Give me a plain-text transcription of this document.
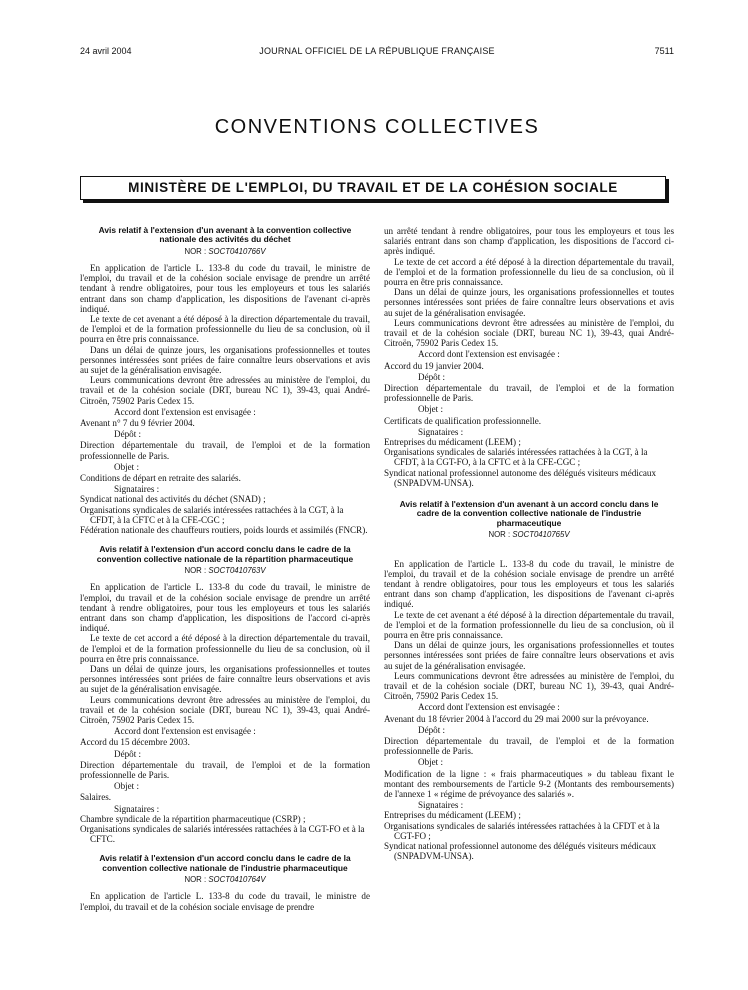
24 avril 2004	JOURNAL OFFICIEL DE LA RÉPUBLIQUE FRANÇAISE	7511
CONVENTIONS COLLECTIVES
MINISTÈRE DE L'EMPLOI, DU TRAVAIL ET DE LA COHÉSION SOCIALE
Avis relatif à l'extension d'un avenant à la convention collective nationale des activités du déchet
NOR : SOCT0410766V

En application de l'article L. 133-8 du code du travail, le ministre de l'emploi, du travail et de la cohésion sociale envisage de prendre un arrêté tendant à rendre obligatoires, pour tous les employeurs et tous les salariés entrant dans son champ d'application, les dispositions de l'avenant ci-après indiqué.

Le texte de cet avenant a été déposé à la direction départementale du travail, de l'emploi et de la formation professionnelle du lieu de sa conclusion, où il pourra en être pris connaissance.

Dans un délai de quinze jours, les organisations professionnelles et toutes personnes intéressées sont priées de faire connaître leurs observations et avis au sujet de la généralisation envisagée.

Leurs communications devront être adressées au ministère de l'emploi, du travail et de la cohésion sociale (DRT, bureau NC 1), 39-43, quai André-Citroën, 75902 Paris Cedex 15.

Accord dont l'extension est envisagée :
Avenant n° 7 du 9 février 2004.
Dépôt :
Direction départementale du travail, de l'emploi et de la formation professionnelle de Paris.
Objet :
Conditions de départ en retraite des salariés.
Signataires :

Syndicat national des activités du déchet (SNAD) ;

Organisations syndicales de salariés intéressées rattachées à la CGT, à la CFDT, à la CFTC et à la CFE-CGC ;

Fédération nationale des chauffeurs routiers, poids lourds et assimilés (FNCR).

Avis relatif à l'extension d'un accord conclu dans le cadre de la convention collective nationale de la répartition pharmaceutique
NOR : SOCT0410763V

En application de l'article L. 133-8 du code du travail, le ministre de l'emploi, du travail et de la cohésion sociale envisage de prendre un arrêté tendant à rendre obligatoires, pour tous les employeurs et tous les salariés entrant dans son champ d'application, les dispositions de l'accord ci-après indiqué.

Le texte de cet accord a été déposé à la direction départementale du travail, de l'emploi et de la formation professionnelle du lieu de sa conclusion, où il pourra en être pris connaissance.

Dans un délai de quinze jours, les organisations professionnelles et toutes personnes intéressées sont priées de faire connaître leurs observations et avis au sujet de la généralisation envisagée.

Leurs communications devront être adressées au ministère de l'emploi, du travail et de la cohésion sociale (DRT, bureau NC 1), 39-43, quai André-Citroën, 75902 Paris Cedex 15.

Accord dont l'extension est envisagée :
Accord du 15 décembre 2003.
Dépôt :
Direction départementale du travail, de l'emploi et de la formation professionnelle de Paris.
Objet :
Salaires.
Signataires :

Chambre syndicale de la répartition pharmaceutique (CSRP) ;

Organisations syndicales de salariés intéressées rattachées à la CGT-FO et à la CFTC.

Avis relatif à l'extension d'un accord conclu dans le cadre de la convention collective nationale de l'industrie pharmaceutique
NOR : SOCT0410764V

En application de l'article L. 133-8 du code du travail, le ministre de l'emploi, du travail et de la cohésion sociale envisage de prendre

un arrêté tendant à rendre obligatoires, pour tous les employeurs et tous les salariés entrant dans son champ d'application, les dispositions de l'accord ci-après indiqué.

Le texte de cet accord a été déposé à la direction départementale du travail, de l'emploi et de la formation professionnelle du lieu de sa conclusion, où il pourra en être pris connaissance.

Dans un délai de quinze jours, les organisations professionnelles et toutes personnes intéressées sont priées de faire connaître leurs observations et avis au sujet de la généralisation envisagée.

Leurs communications devront être adressées au ministère de l'emploi, du travail et de la cohésion sociale (DRT, bureau NC 1), 39-43, quai André-Citroën, 75902 Paris Cedex 15.

Accord dont l'extension est envisagée :
Accord du 19 janvier 2004.
Dépôt :
Direction départementale du travail, de l'emploi et de la formation professionnelle de Paris.
Objet :
Certificats de qualification professionnelle.
Signataires :

Entreprises du médicament (LEEM) ;

Organisations syndicales de salariés intéressées rattachées à la CGT, à la CFDT, à la CGT-FO, à la CFTC et à la CFE-CGC ;

Syndicat national professionnel autonome des délégués visiteurs médicaux (SNPADVM-UNSA).

Avis relatif à l'extension d'un avenant à un accord conclu dans le cadre de la convention collective nationale de l'industrie pharmaceutique
NOR : SOCT0410765V

En application de l'article L. 133-8 du code du travail, le ministre de l'emploi, du travail et de la cohésion sociale envisage de prendre un arrêté tendant à rendre obligatoires, pour tous les employeurs et tous les salariés entrant dans son champ d'application, les dispositions de l'avenant ci-après indiqué.

Le texte de cet avenant a été déposé à la direction départementale du travail, de l'emploi et de la formation professionnelle du lieu de sa conclusion, où il pourra en être pris connaissance.

Dans un délai de quinze jours, les organisations professionnelles et toutes personnes intéressées sont priées de faire connaître leurs observations et avis au sujet de la généralisation envisagée.

Leurs communications devront être adressées au ministère de l'emploi, du travail et de la cohésion sociale (DRT, bureau NC 1), 39-43, quai André-Citroën, 75902 Paris Cedex 15.

Accord dont l'extension est envisagée :
Avenant du 18 février 2004 à l'accord du 29 mai 2000 sur la prévoyance.
Dépôt :
Direction départementale du travail, de l'emploi et de la formation professionnelle de Paris.
Objet :
Modification de la ligne : « frais pharmaceutiques » du tableau fixant le montant des remboursements de l'article 9-2 (Montants des remboursements) de l'annexe 1 « régime de prévoyance des salariés ».
Signataires :

Entreprises du médicament (LEEM) ;

Organisations syndicales de salariés intéressées rattachées à la CFDT et à la CGT-FO ;

Syndicat national professionnel autonome des délégués visiteurs médicaux (SNPADVM-UNSA).
